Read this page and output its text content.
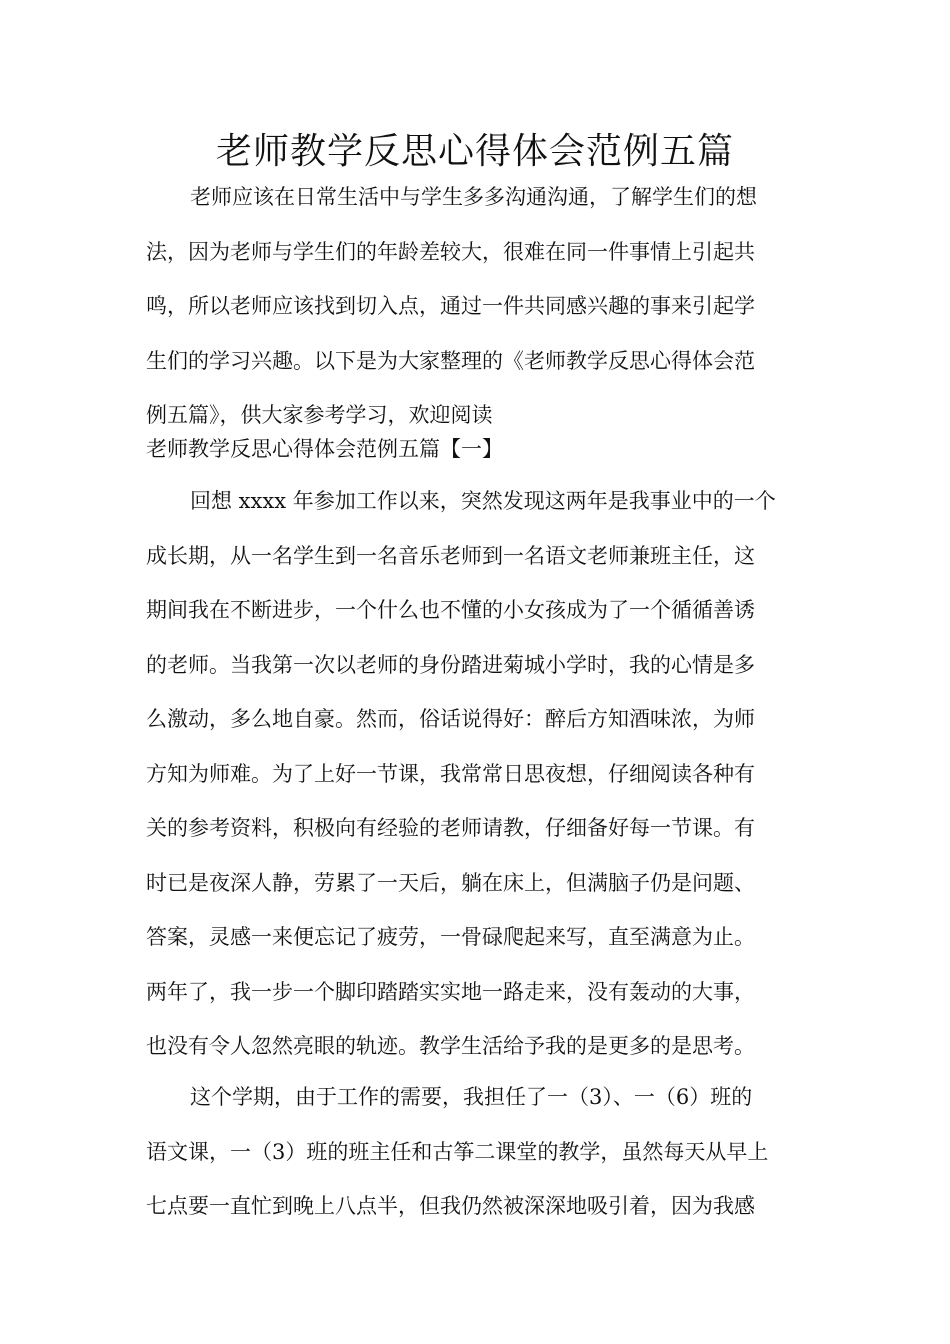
老师教学反思心得体会范例五篇
老师应该在日常生活中与学生多多沟通沟通，了解学生们的想
法，因为老师与学生们的年龄差较大，很难在同一件事情上引起共
鸣，所以老师应该找到切入点，通过一件共同感兴趣的事来引起学
生们的学习兴趣。以下是为大家整理的《老师教学反思心得体会范
例五篇》，供大家参考学习，欢迎阅读
老师教学反思心得体会范例五篇【一】
回想 xxxx 年参加工作以来，突然发现这两年是我事业中的一个
成长期，从一名学生到一名音乐老师到一名语文老师兼班主任，这
期间我在不断进步，一个什么也不懂的小女孩成为了一个循循善诱
的老师。当我第一次以老师的身份踏进菊城小学时，我的心情是多
么激动，多么地自豪。然而，俗话说得好：醉后方知酒味浓，为师
方知为师难。为了上好一节课，我常常日思夜想，仔细阅读各种有
关的参考资料，积极向有经验的老师请教，仔细备好每一节课。有
时已是夜深人静，劳累了一天后，躺在床上，但满脑子仍是问题、
答案，灵感一来便忘记了疲劳，一骨碌爬起来写，直至满意为止。
两年了，我一步一个脚印踏踏实实地一路走来，没有轰动的大事，
也没有令人忽然亮眼的轨迹。教学生活给予我的是更多的是思考。
这个学期，由于工作的需要，我担任了一（3）、一（6）班的
语文课，一（3）班的班主任和古筝二课堂的教学，虽然每天从早上
七点要一直忙到晚上八点半，但我仍然被深深地吸引着，因为我感
